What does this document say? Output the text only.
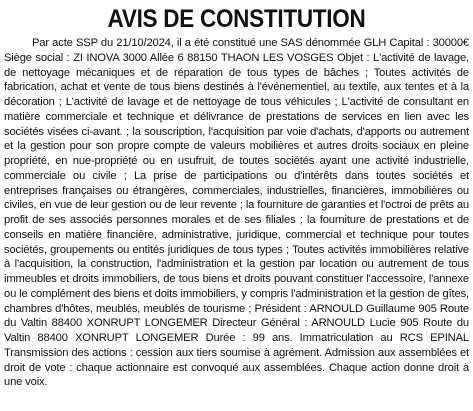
AVIS DE CONSTITUTION

Par acte SSP du 21/10/2024, il a été constitué une SAS dénommée GLH Capital : 30000€ Siège social : ZI INOVA 3000 Allée 6 88150 THAON LES VOSGES Objet : L'activité de lavage, de nettoyage mécaniques et de réparation de tous types de bâches ; Toutes activités de fabrication, achat et vente de tous biens destinés à l'événementiel, au textile, aux tentes et à la décoration ; L'activité de lavage et de nettoyage de tous véhicules ; L'activité de consultant en matière commerciale et technique et délivrance de prestations de services en lien avec les sociétés visées ci-avant. ; la souscription, l'acquisition par voie d'achats, d'apports ou autrement et la gestion pour son propre compte de valeurs mobilières et autres droits sociaux en pleine propriété, en nue-propriété ou en usufruit, de toutes sociétés ayant une activité industrielle, commerciale ou civile ; La prise de participations ou d'intérêts dans toutes sociétés et entreprises françaises ou étrangères, commerciales, industrielles, financières, immobilières ou civiles, en vue de leur gestion ou de leur revente ; la fourniture de garanties et l'octroi de prêts au profit de ses associés personnes morales et de ses filiales ; la fourniture de prestations et de conseils en matière financière, administrative, juridique, commercial et technique pour toutes sociétés, groupements ou entités juridiques de tous types ; Toutes activités immobilières relative à l'acquisition, la construction, l'administration et la gestion par location ou autrement de tous immeubles et droits immobiliers, de tous biens et droits pouvant constituer l'accessoire, l'annexe ou le complément des biens et doits immobiliers, y compris l'administration et la gestion de gîtes, chambres d'hôtes, meublés, meublés de tourisme ; Président : ARNOULD Guillaume 905 Route du Valtin 88400 XONRUPT LONGEMER Directeur Général : ARNOULD Lucie 905 Route du Valtin 88400 XONRUPT LONGEMER Durée : 99 ans. Immatriculation au RCS EPINAL Transmission des actions : cession aux tiers soumise à agrément. Admission aux assemblées et droit de vote : chaque actionnaire est convoqué aux assemblées. Chaque action donne droit à une voix.
